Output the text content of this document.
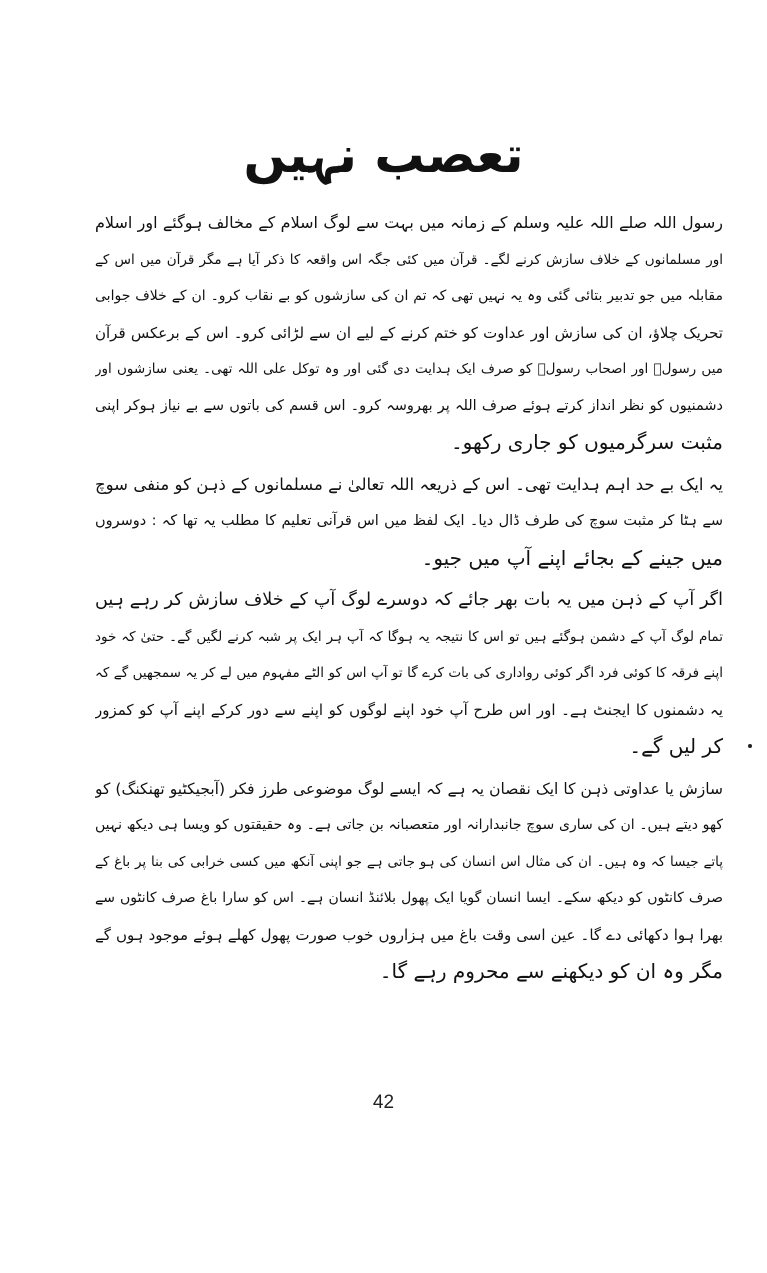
تعصب نہیں
رسول اللہ صلے اللہ علیہ وسلم کے زمانہ میں بہت سے لوگ اسلام کے مخالف ہوگئے اور اسلام
اور مسلمانوں کے خلاف سازش کرنے لگے۔ قرآن میں کئی جگہ اس واقعہ کا ذکر آیا ہے مگر قرآن میں اس کے
مقابلہ میں جو تدبیر بتائی گئی وہ یہ نہیں تھی کہ تم ان کی سازشوں کو بے نقاب کرو۔ ان کے خلاف جوابی
تحریک چلاؤ، ان کی سازش اور عداوت کو ختم کرنے کے لیے ان سے لڑائی کرو۔ اس کے برعکس قرآن
میں رسولؐ اور اصحاب رسولؐ کو صرف ایک ہدایت دی گئی اور وہ توکل علی اللہ تھی۔ یعنی سازشوں اور
دشمنیوں کو نظر انداز کرتے ہوئے صرف اللہ پر بھروسہ کرو۔ اس قسم کی باتوں سے بے نیاز ہوکر اپنی
مثبت سرگرمیوں کو جاری رکھو۔
یہ ایک بے حد اہم ہدایت تھی۔ اس کے ذریعہ اللہ تعالیٰ نے مسلمانوں کے ذہن کو منفی سوچ
سے ہٹا کر مثبت سوچ کی طرف ڈال دیا۔ ایک لفظ میں اس قرآنی تعلیم کا مطلب یہ تھا کہ : دوسروں
میں جینے کے بجائے اپنے آپ میں جیو۔
اگر آپ کے ذہن میں یہ بات بھر جائے کہ دوسرے لوگ آپ کے خلاف سازش کر رہے ہیں
تمام لوگ آپ کے دشمن ہوگئے ہیں تو اس کا نتیجہ یہ ہوگا کہ آپ ہر ایک پر شبہ کرنے لگیں گے۔ حتیٰ کہ خود
اپنے فرقہ کا کوئی فرد اگر کوئی رواداری کی بات کرے گا تو آپ اس کو الٹے مفہوم میں لے کر یہ سمجھیں گے کہ
یہ دشمنوں کا ایجنٹ ہے۔ اور اس طرح آپ خود اپنے لوگوں کو اپنے سے دور کرکے اپنے آپ کو کمزور
کر لیں گے۔
سازش یا عداوتی ذہن کا ایک نقصان یہ ہے کہ ایسے لوگ موضوعی طرز فکر (آبجیکٹیو تھنکنگ) کو
کھو دیتے ہیں۔ ان کی ساری سوچ جانبدارانہ اور متعصبانہ بن جاتی ہے۔ وہ حقیقتوں کو ویسا ہی دیکھ نہیں
پاتے جیسا کہ وہ ہیں۔ ان کی مثال اس انسان کی ہو جاتی ہے جو اپنی آنکھ میں کسی خرابی کی بنا پر باغ کے
صرف کانٹوں کو دیکھ سکے۔ ایسا انسان گویا ایک پھول بلائنڈ انسان ہے۔ اس کو سارا باغ صرف کانٹوں سے
بھرا ہوا دکھائی دے گا۔ عین اسی وقت باغ میں ہزاروں خوب صورت پھول کھلے ہوئے موجود ہوں گے
مگر وہ ان کو دیکھنے سے محروم رہے گا۔
42
